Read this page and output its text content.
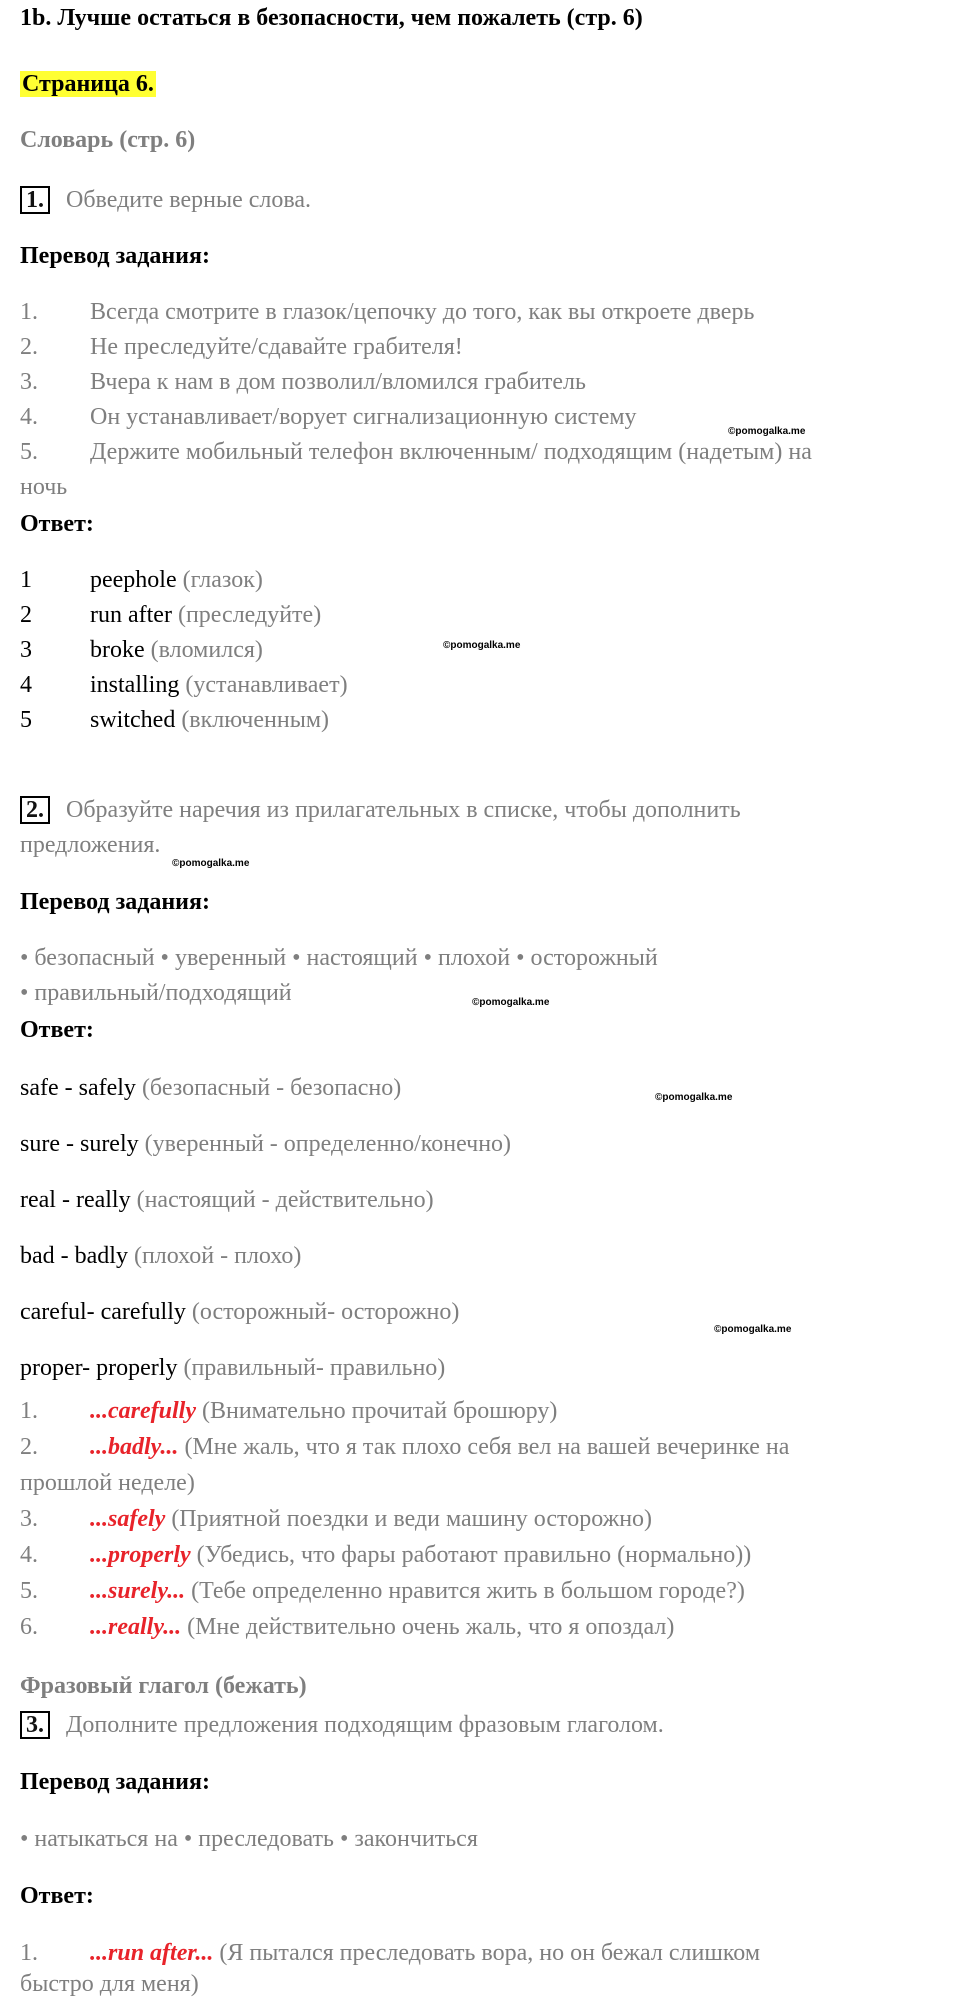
1b. Лучше остаться в безопасности, чем пожалеть (стр. 6)
Страница 6.
Словарь (стр. 6)
1. Обведите верные слова.
Перевод задания:
1. Всегда смотрите в глазок/цепочку до того, как вы откроете дверь
2. Не преследуйте/сдавайте грабителя!
3. Вчера к нам в дом позволил/вломился грабитель
4. Он устанавливает/ворует сигнализационную систему
5. Держите мобильный телефон включенным/ подходящим (надетым) на
ночь
Ответ:
1 peephole (глазок)
2 run after (преследуйте)
3 broke (вломился)
4 installing (устанавливает)
5 switched (включенным)
2. Образуйте наречия из прилагательных в списке, чтобы дополнить
предложения.
Перевод задания:
• безопасный • уверенный • настоящий • плохой • осторожный
• правильный/подходящий
Ответ:
safe - safely (безопасный - безопасно)
sure - surely (уверенный - определенно/конечно)
real - really (настоящий - действительно)
bad - badly (плохой - плохо)
careful- carefully (осторожный- осторожно)
proper- properly (правильный- правильно)
1. ...carefully (Внимательно прочитай брошюру)
2. ...badly... (Мне жаль, что я так плохо себя вел на вашей вечеринке на
прошлой неделе)
3. ...safely (Приятной поездки и веди машину осторожно)
4. ...properly (Убедись, что фары работают правильно (нормально))
5. ...surely... (Тебе определенно нравится жить в большом городе?)
6. ...really... (Мне действительно очень жаль, что я опоздал)
Фразовый глагол (бежать)
3. Дополните предложения подходящим фразовым глаголом.
Перевод задания:
• натыкаться на • преследовать • закончиться
Ответ:
1. ...run after... (Я пытался преследовать вора, но он бежал слишком
быстро для меня)
©pomogalka.me
©pomogalka.me
©pomogalka.me
©pomogalka.me
©pomogalka.me
©pomogalka.me
